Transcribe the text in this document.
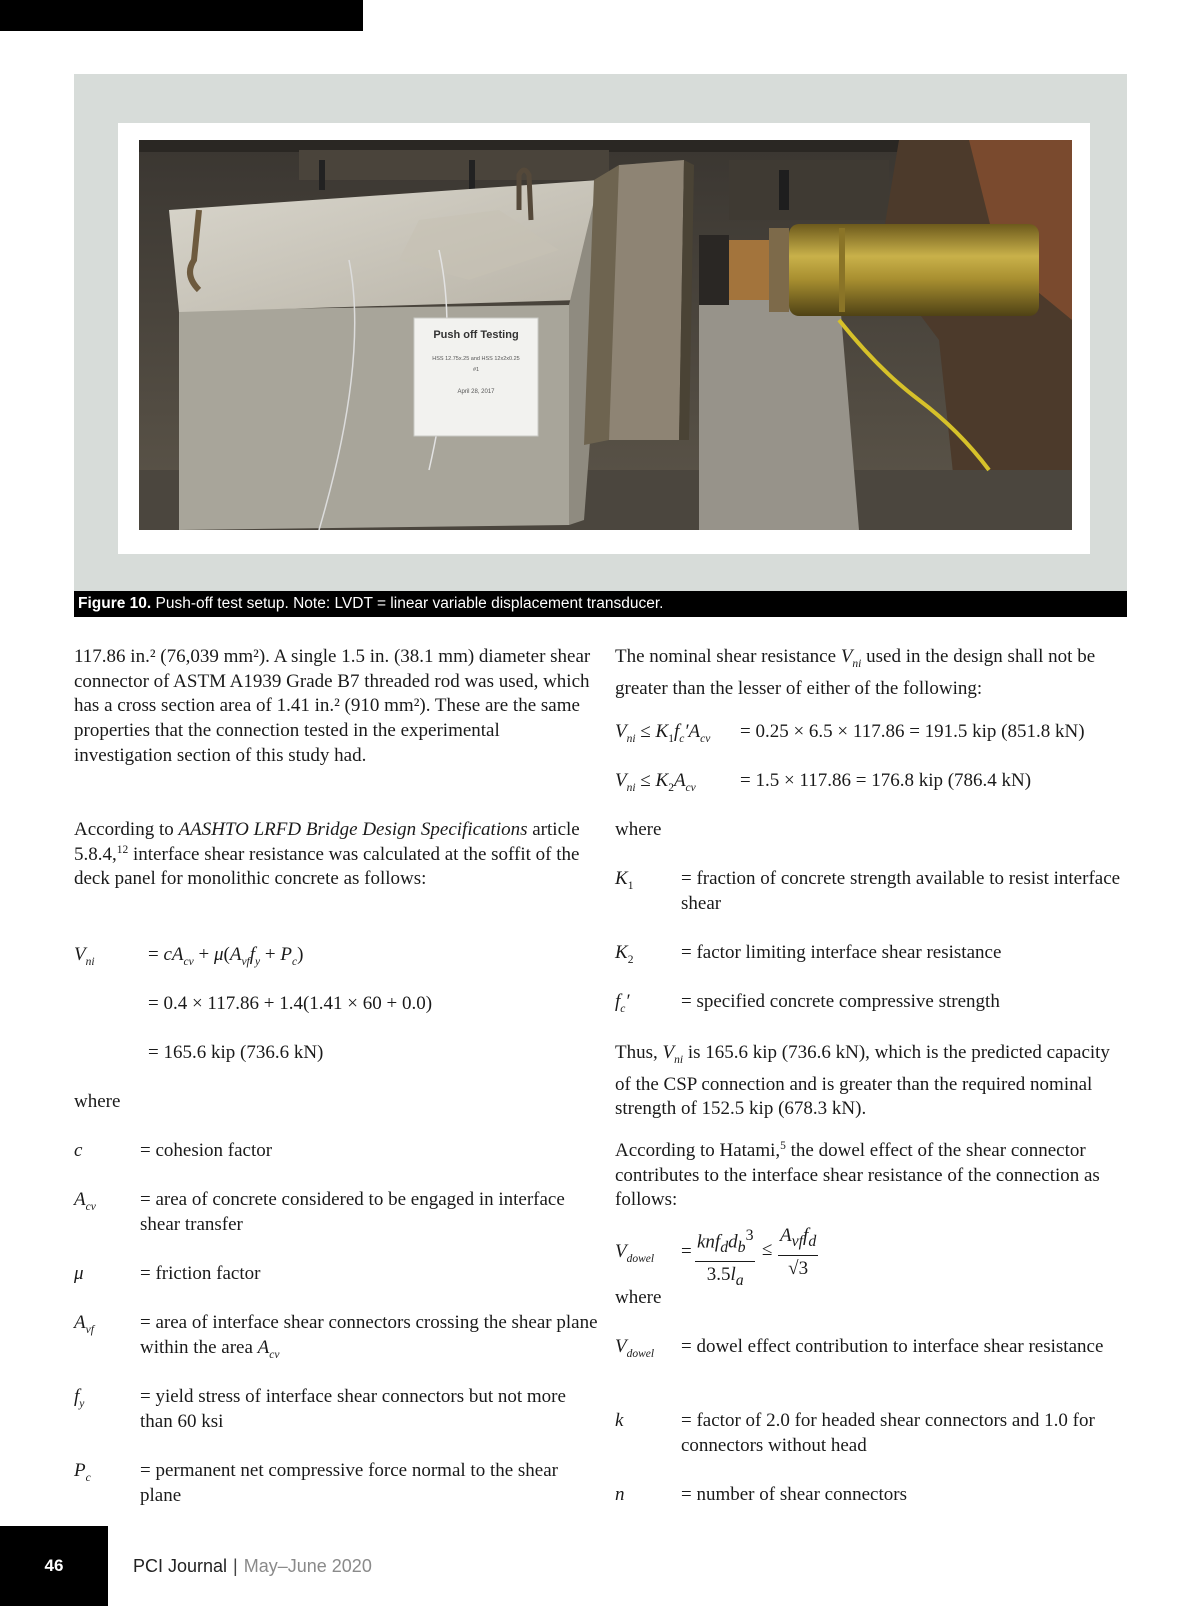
Push off Testing
HSS 12.75x.25 and HSS 12x2x0.25
#1
April 28, 2017
Figure 10. Push-off test setup. Note: LVDT = linear variable displacement transducer.

117.86 in.² (76,039 mm²). A single 1.5 in. (38.1 mm) diameter shear connector of ASTM A1939 Grade B7 threaded rod was used, which has a cross section area of 1.41 in.² (910 mm²). These are the same properties that the connection tested in the experimental investigation section of this study had.

According to AASHTO LRFD Bridge Design Specifications article 5.8.4,12 interface shear resistance was calculated at the soffit of the deck panel for monolithic concrete as follows:

$V_{ni}$	= $cA_{cv} + \mu(A_{vf}f_y + P_c)$
= 0.4 × 117.86 + 1.4(1.41 × 60 + 0.0)
= 165.6 kip (736.6 kN)

where

c	= cohesion factor
$A_{cv}$ = area of concrete considered to be engaged in interface shear transfer
μ	= friction factor
$A_{vf}$ = area of interface shear connectors crossing the shear plane within the area $A_{cv}$
$f_y$	= yield stress of interface shear connectors but not more than 60 ksi
$P_c$	= permanent net compressive force normal to the shear plane

The nominal shear resistance $V_{ni}$ used in the design shall not be greater than the lesser of either of the following:

$V_{ni} \le K_1f_c'A_{cv} = 0.25 \times 6.5 \times 117.86 = 191.5$ kip (851.8 kN)
$V_{ni} \le K_2A_{cv} = 1.5 \times 117.86 = 176.8$ kip (786.4 kN)

where

$K_1$	= fraction of concrete strength available to resist interface shear
$K_2$	= factor limiting interface shear resistance
$f_c'$	= specified concrete compressive strength

Thus, $V_{ni}$ is 165.6 kip (736.6 kN), which is the predicted capacity of the CSP connection and is greater than the required nominal strength of 152.5 kip (678.3 kN).

According to Hatami,$^5$ the dowel effect of the shear connector contributes to the interface shear resistance of the connection as follows:

$V_{dowel} = knf_dd_b^3$
$3.5l_a$
≤
$A_{vf}f_d$
√3

where

$V_{dowel}$ = dowel effect contribution to interface shear resistance
k	= factor of 2.0 for headed shear connectors and 1.0 for connectors without head
n	= number of shear connectors
46	PCI Journal | May–June 2020
